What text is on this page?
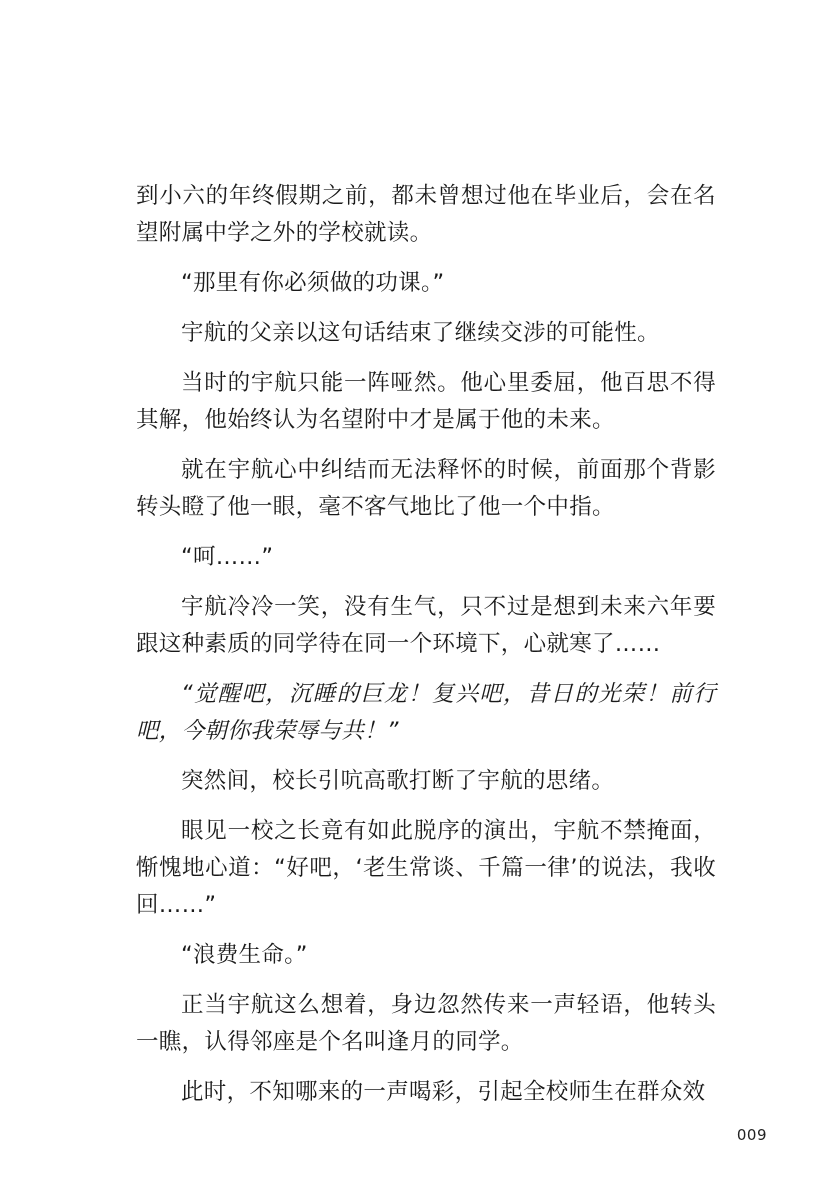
到小六的年终假期之前，都未曾想过他在毕业后，会在名望附属中学之外的学校就读。

“那里有你必须做的功课。”

宇航的父亲以这句话结束了继续交涉的可能性。

当时的宇航只能一阵哑然。他心里委屈，他百思不得其解，他始终认为名望附中才是属于他的未来。

就在宇航心中纠结而无法释怀的时候，前面那个背影转头瞪了他一眼，毫不客气地比了他一个中指。

“呵……”

宇航冷冷一笑，没有生气，只不过是想到未来六年要跟这种素质的同学待在同一个环境下，心就寒了……

“觉醒吧，沉睡的巨龙！复兴吧，昔日的光荣！前行吧，今朝你我荣辱与共！”

突然间，校长引吭高歌打断了宇航的思绪。

眼见一校之长竟有如此脱序的演出，宇航不禁掩面，惭愧地心道：“好吧，‘老生常谈、千篇一律’的说法，我收回……”

“浪费生命。”

正当宇航这么想着，身边忽然传来一声轻语，他转头一瞧，认得邻座是个名叫逢月的同学。

此时，不知哪来的一声喝彩，引起全校师生在群众效

009
